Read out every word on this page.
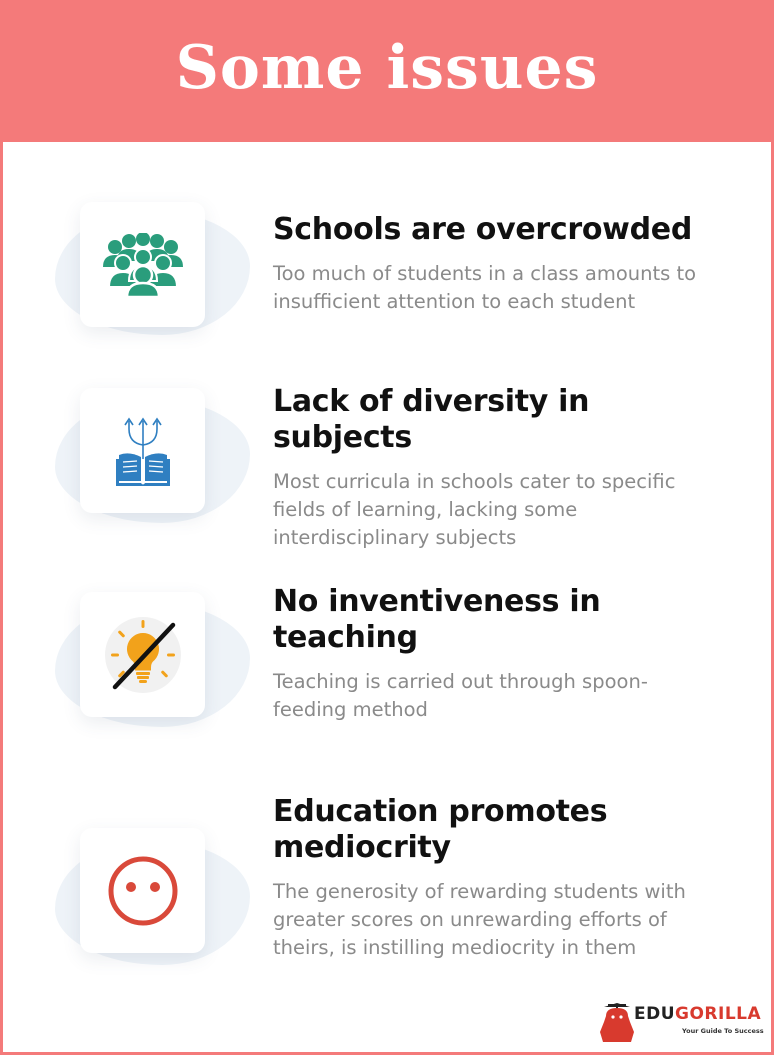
Some issues
Schools are overcrowded

Too much of students in a class amounts to insufficient attention to each student

Lack of diversity in subjects

Most curricula in schools cater to specific fields of learning, lacking some interdisciplinary subjects

No inventiveness in teaching

Teaching is carried out through spoon-feeding method

Education promotes mediocrity

The generosity of rewarding students with greater scores on unrewarding efforts of theirs, is instilling mediocrity in them

EDUGORILLA
Your Guide To Success
